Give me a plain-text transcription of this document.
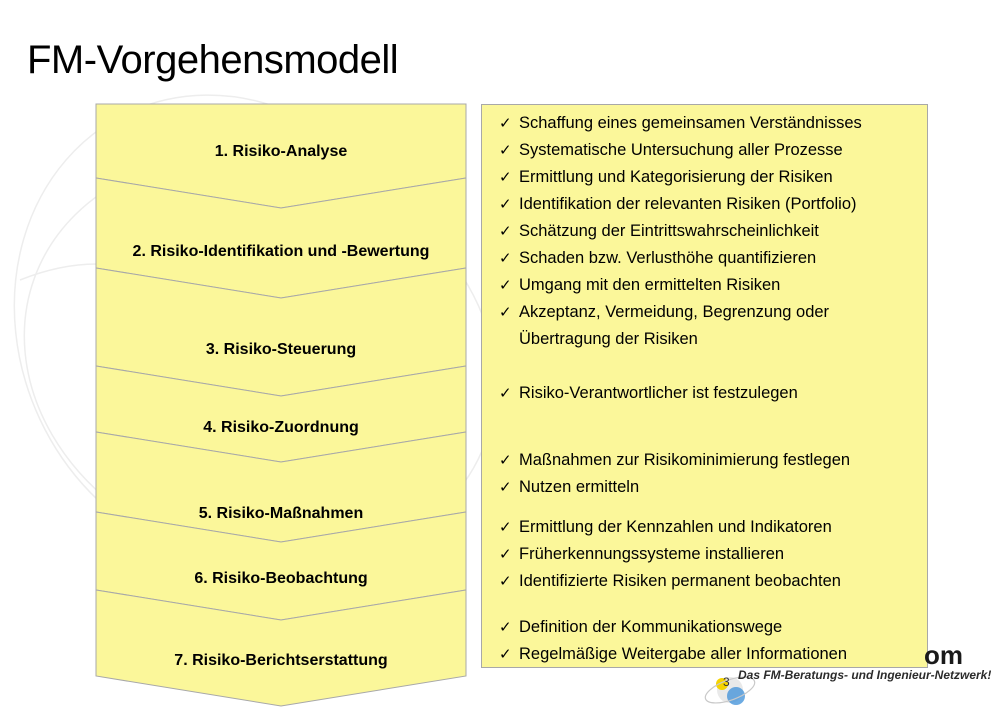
FM-Vorgehensmodell
1. Risiko-Analyse
2. Risiko-Identifikation und -Bewertung
3. Risiko-Steuerung
4. Risiko-Zuordnung
5. Risiko-Maßnahmen
6. Risiko-Beobachtung
7. Risiko-Berichtserstattung
✓ Schaffung eines gemeinsamen Verständnisses
✓ Systematische Untersuchung aller Prozesse
✓ Ermittlung und Kategorisierung der Risiken
✓ Identifikation der relevanten Risiken (Portfolio)
✓ Schätzung der Eintrittswahrscheinlichkeit
✓ Schaden bzw. Verlusthöhe quantifizieren
✓ Umgang mit den ermittelten Risiken
✓ Akzeptanz, Vermeidung, Begrenzung oder
Übertragung der Risiken
✓ Risiko-Verantwortlicher ist festzulegen
✓ Maßnahmen zur Risikominimierung festlegen
✓ Nutzen ermitteln
✓ Ermittlung der Kennzahlen und Indikatoren
✓ Früherkennungssysteme installieren
✓ Identifizierte Risiken permanent beobachten
✓ Definition der Kommunikationswege
✓ Regelmäßige Weitergabe aller Informationen	om
Das FM-Beratungs- und Ingenieur-Netzwerk!
3
